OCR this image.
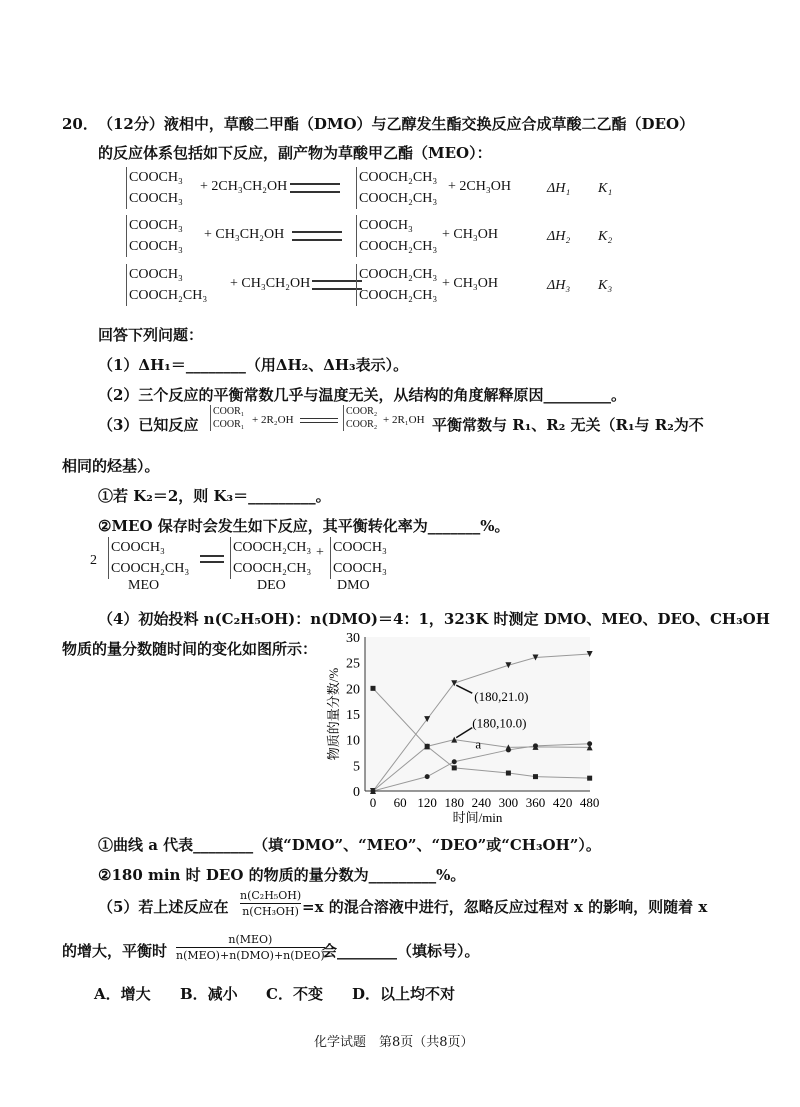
20． （12分）液相中，草酸二甲酯（DMO）与乙醇发生酯交换反应合成草酸二乙酯（DEO）
的反应体系包括如下反应，副产物为草酸甲乙酯（MEO）：
COOCH₃
COOCH₃
+ 2CH₃CH₂OH
COOCH₂CH₃
COOCH₂CH₃
+ 2CH₃OH	ΔH₁ K₁
COOCH₃
COOCH₃
+ CH₃CH₂OH
COOCH₃
COOCH₂CH₃
+ CH₃OH	ΔH₂ K₂
COOCH₃
COOCH₂CH₃
+ CH₃CH₂OH
COOCH₂CH₃
COOCH₂CH₃
+ CH₃OH	ΔH₃ K₃
回答下列问题：
（1）ΔH₁＝________（用ΔH₂、ΔH₃表示）。
（2）三个反应的平衡常数几乎与温度无关，从结构的角度解释原因_________。
（3）已知反应
COOR₁
COOR₁ + 2R₂OH
COOR₂
COOR₂ + 2R₁OH 平衡常数与 R₁、R₂ 无关（R₁与 R₂为不
相同的烃基）。
①若 K₂＝2，则 K₃＝_________。
②MEO 保存时会发生如下反应，其平衡转化率为_______%。
2
COOCH₃
COOCH₂CH₃
MEO
COOCH₂CH₃
COOCH₂CH₃
DEO
+ COOCH₃
COOCH₃
DMO
（4）初始投料 n(C₂H₅OH)：n(DMO)＝4：1，323K 时测定 DMO、MEO、DEO、CH₃OH
物质的量分数随时间的变化如图所示：
0
5
10
15
20
25
30
0 60 120 180 240 300 360 420 480
时间/min
物质的量分数/%	(180,21.0)
(180,10.0)
a
①曲线 a 代表________（填“DMO”、“MEO”、“DEO”或“CH₃OH”）。
②180 min 时 DEO 的物质的量分数为_________%。
（5）若上述反应在
n(C₂H₅OH)
n(CH₃OH) =x 的混合溶液中进行，忽略反应过程对 x 的影响，则随着 x
的增大，平衡时
n(MEO)
n(MEO)+n(DMO)+n(DEO)
会________（填标号）。
A．增大 B．减小 C．不变 D．以上均不对
化学试题　第8页（共8页）
